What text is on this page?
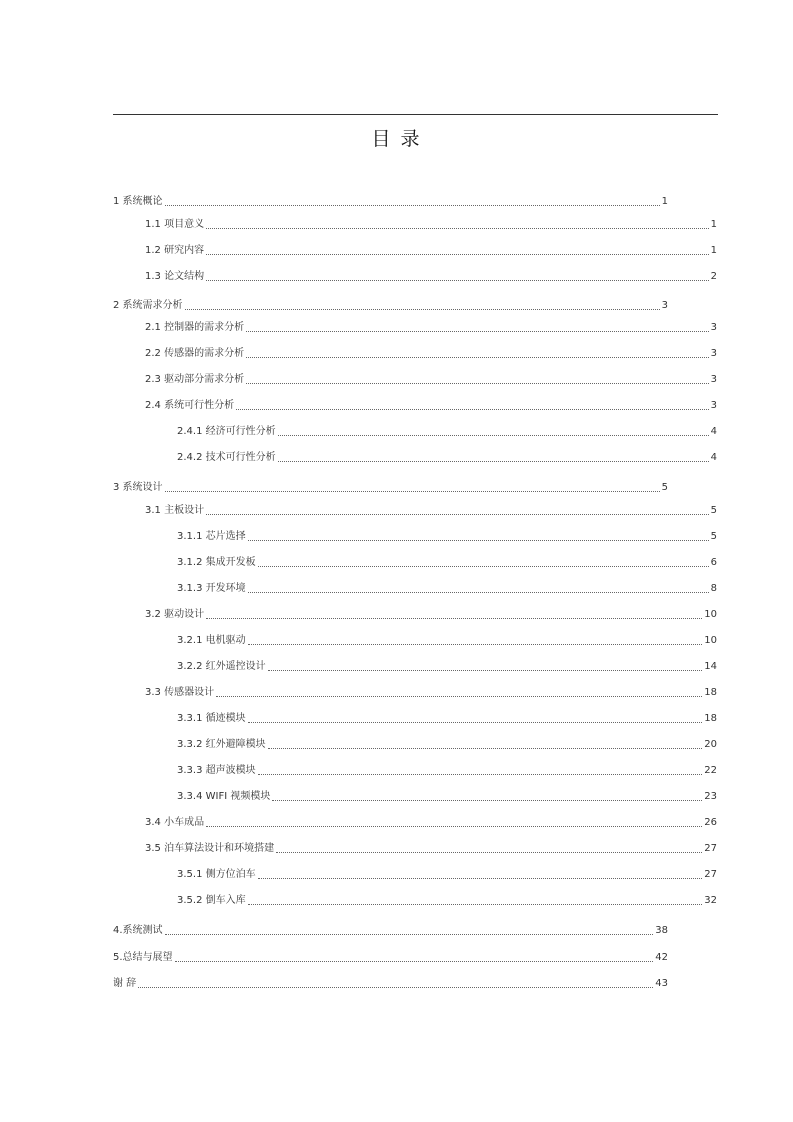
目 录
1 系统概论	1
1.1 项目意义	1
1.2 研究内容	1
1.3 论文结构	2
2 系统需求分析	3
2.1 控制器的需求分析	3
2.2 传感器的需求分析	3
2.3 驱动部分需求分析	3
2.4 系统可行性分析	3
2.4.1 经济可行性分析	4
2.4.2 技术可行性分析	4
3 系统设计	5
3.1 主板设计	5
3.1.1 芯片选择	5
3.1.2 集成开发板	6
3.1.3 开发环境	8
3.2 驱动设计	10
3.2.1 电机驱动	10
3.2.2 红外遥控设计	14
3.3 传感器设计	18
3.3.1 循迹模块	18
3.3.2 红外避障模块	20
3.3.3 超声波模块	22
3.3.4 WIFI 视频模块	23
3.4 小车成品	26
3.5 泊车算法设计和环境搭建	27
3.5.1 侧方位泊车	27
3.5.2 倒车入库	32
4.系统测试	38
5.总结与展望	42
谢 辞	43
